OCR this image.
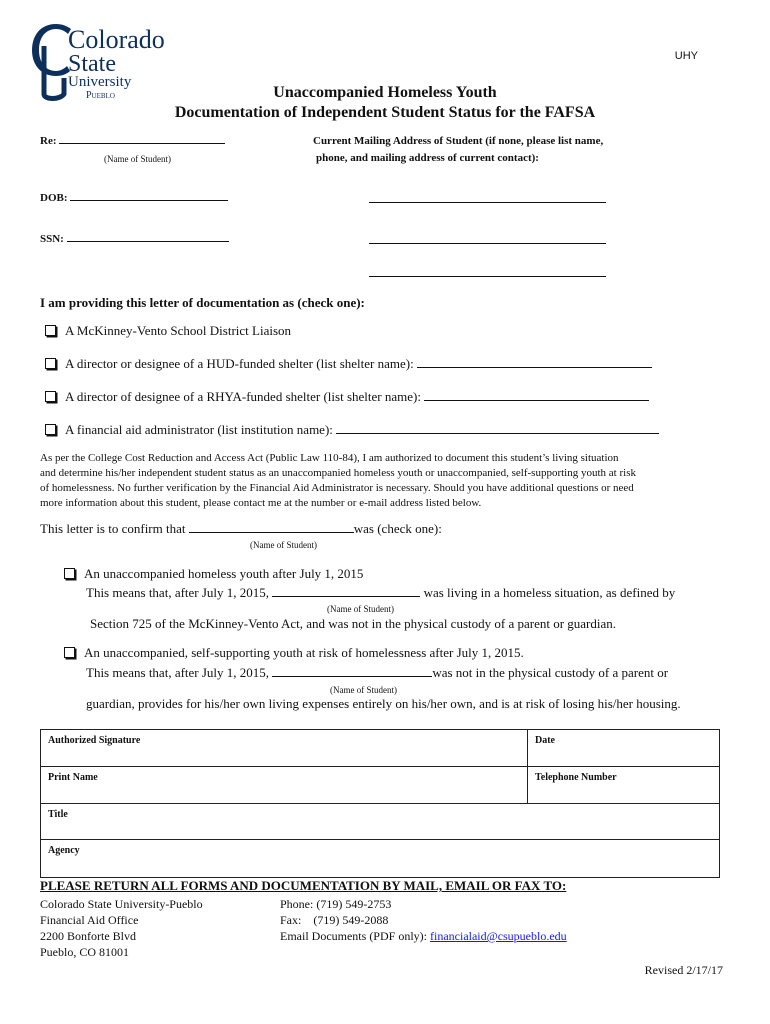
Colorado
State
University
Pueblo
UHY
Unaccompanied Homeless Youth
Documentation of Independent Student Status for the FAFSA
Re:
(Name of Student)
Current Mailing Address of Student (if none, please list name,
phone, and mailing address of current contact):
DOB:
SSN:
I am providing this letter of documentation as (check one):
A McKinney-Vento School District Liaison
A director or designee of a HUD-funded shelter (list shelter name):
A director of designee of a RHYA-funded shelter (list shelter name):
A financial aid administrator (list institution name):
As per the College Cost Reduction and Access Act (Public Law 110-84), I am authorized to document this student’s living situation
and determine his/her independent student status as an unaccompanied homeless youth or unaccompanied, self-supporting youth at risk
of homelessness. No further verification by the Financial Aid Administrator is necessary. Should you have additional questions or need
more information about this student, please contact me at the number or e-mail address listed below.
This letter is to confirm that	was (check one):
(Name of Student)
An unaccompanied homeless youth after July 1, 2015
This means that, after July 1, 2015,	was living in a homeless situation, as defined by
(Name of Student)
Section 725 of the McKinney-Vento Act, and was not in the physical custody of a parent or guardian.
An unaccompanied, self-supporting youth at risk of homelessness after July 1, 2015.
This means that, after July 1, 2015,	was not in the physical custody of a parent or
(Name of Student)
guardian, provides for his/her own living expenses entirely on his/her own, and is at risk of losing his/her housing.
Authorized Signature	Date
Print Name	Telephone Number
Title
Agency
PLEASE RETURN ALL FORMS AND DOCUMENTATION BY MAIL, EMAIL OR FAX TO:
Colorado State University-Pueblo
Financial Aid Office
2200 Bonforte Blvd
Pueblo, CO 81001
Phone: (719) 549-2753
Fax:    (719) 549-2088
Email Documents (PDF only): financialaid@csupueblo.edu
Revised 2/17/17
